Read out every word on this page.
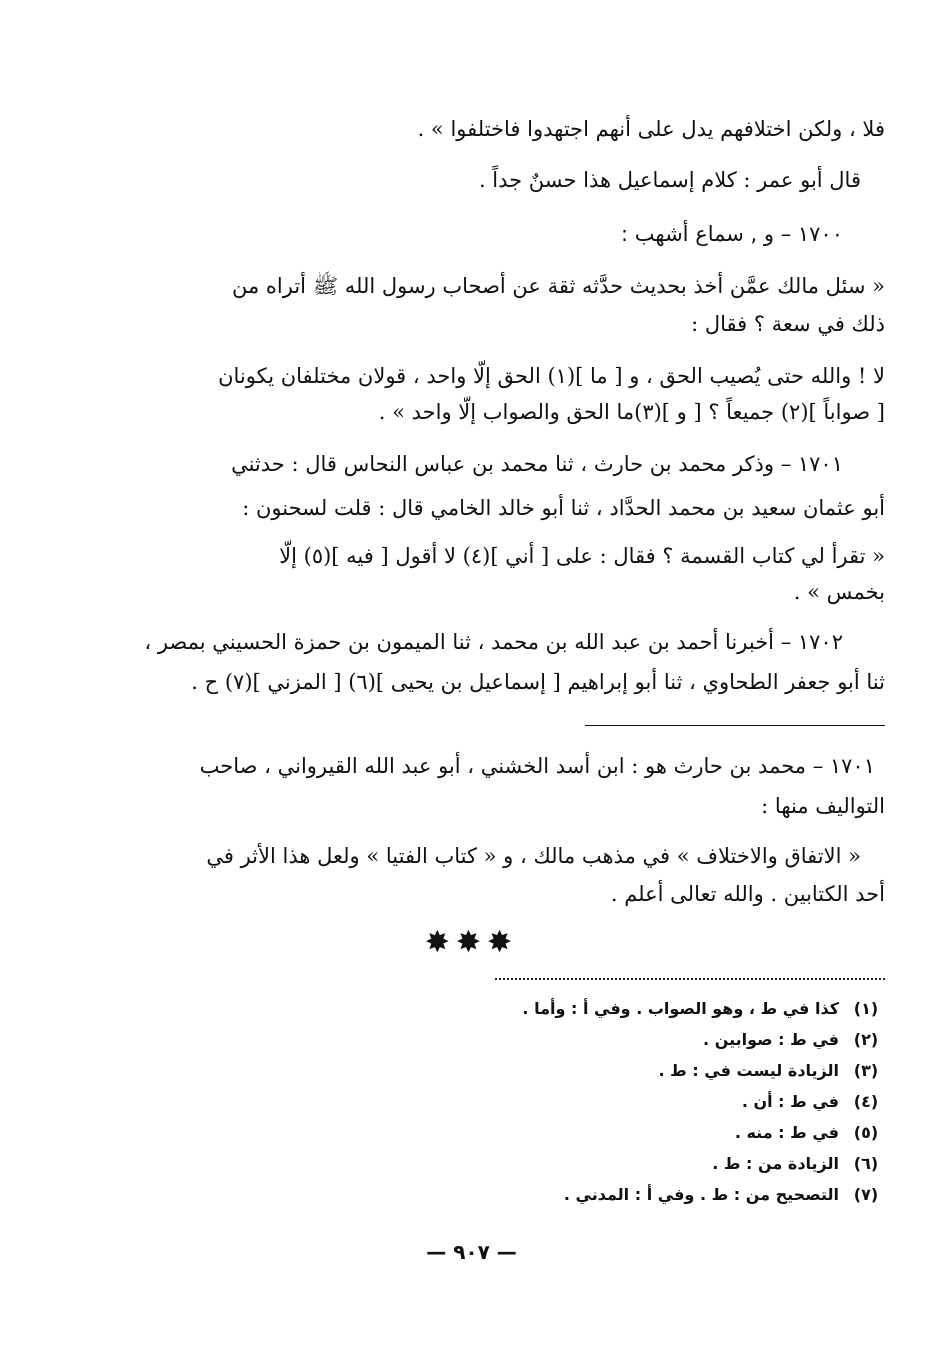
فلا ، ولكن اختلافهم يدل على أنهم اجتهدوا فاختلفوا » .
قال أبو عمر : كلام إسماعيل هذا حسنٌ جداً .
١٧٠٠ – و , سماع أشهب :
« سئل مالك عمَّن أخذ بحديث حدَّثه ثقة عن أصحاب رسول الله ﷺ أتراه من
ذلك في سعة ؟ فقال :
لا ! والله حتى يُصيب الحق ، و [ ما ](١) الحق إلّا واحد ، قولان مختلفان يكونان
[ صواباً ](٢) جميعاً ؟ [ و ](٣)ما الحق والصواب إلّا واحد » .
١٧٠١ – وذكر محمد بن حارث ، ثنا محمد بن عباس النحاس قال : حدثني
أبو عثمان سعيد بن محمد الحدَّاد ، ثنا أبو خالد الخامي قال : قلت لسحنون :
« تقرأ لي كتاب القسمة ؟ فقال : على [ أني ](٤) لا أقول [ فيه ](٥) إلّا
بخمس » .
١٧٠٢ – أخبرنا أحمد بن عبد الله بن محمد ، ثنا الميمون بن حمزة الحسيني بمصر ،
ثنا أبو جعفر الطحاوي ، ثنا أبو إبراهيم [ إسماعيل بن يحيى ](٦) [ المزني ](٧) ح .
١٧٠١ – محمد بن حارث هو : ابن أسد الخشني ، أبو عبد الله القيرواني ، صاحب
التواليف منها :
« الاتفاق والاختلاف » في مذهب مالك ، و « كتاب الفتيا » ولعل هذا الأثر في
أحد الكتابين . والله تعالى أعلم .
✸✸✸
(١)كذا في ط ، وهو الصواب . وفي أ : وأما .
(٢)في ط : صوابين .
(٣)الزيادة ليست في : ط .
(٤)في ط : أن .
(٥)في ط : منه .
(٦)الزيادة من : ط .
(٧)التصحيح من : ط . وفي أ : المدني .
— ٩٠٧ —
